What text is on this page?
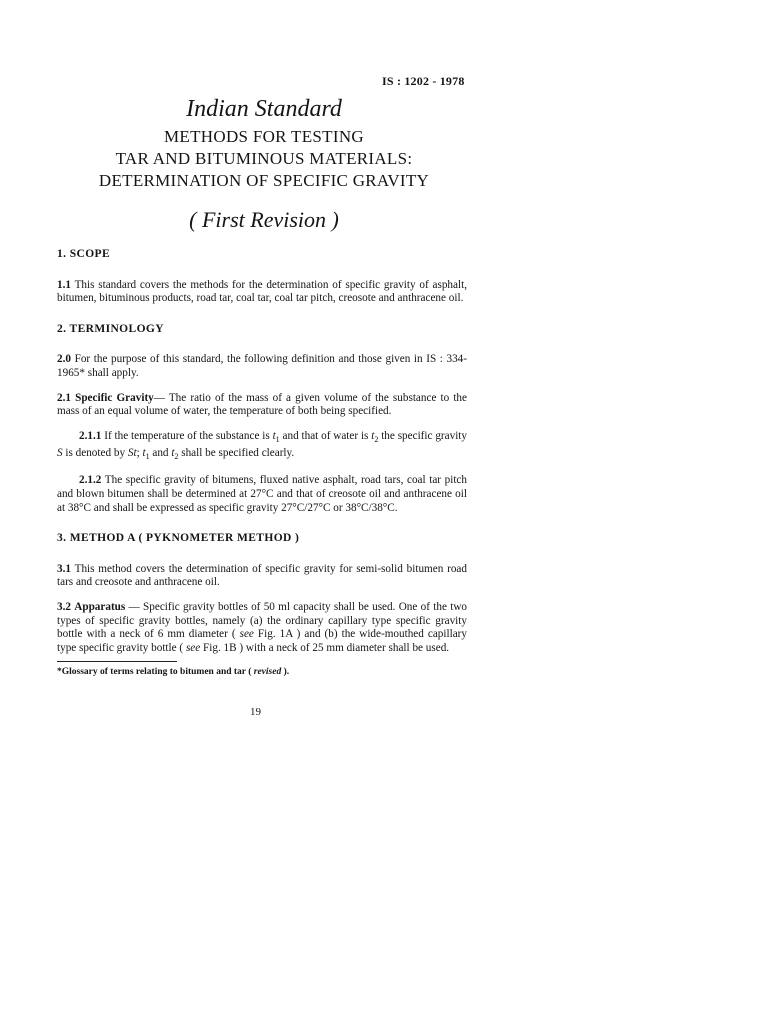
IS : 1202 - 1978
Indian Standard
METHODS FOR TESTING
TAR AND BITUMINOUS MATERIALS:
DETERMINATION OF SPECIFIC GRAVITY
( First Revision )

1. SCOPE

1.1 This standard covers the methods for the determination of specific gravity of asphalt, bitumen, bituminous products, road tar, coal tar, coal tar pitch, creosote and anthracene oil.

2. TERMINOLOGY

2.0 For the purpose of this standard, the following definition and those given in IS : 334-1965* shall apply.

2.1 Specific Gravity— The ratio of the mass of a given volume of the substance to the mass of an equal volume of water, the temperature of both being specified.

2.1.1 If the temperature of the substance is $t_1$ and that of water is $t_2$ the specific gravity S is denoted by St; $t_1$ and $t_2$ shall be specified clearly.

2.1.2 The specific gravity of bitumens, fluxed native asphalt, road tars, coal tar pitch and blown bitumen shall be determined at 27°C and that of creosote oil and anthracene oil at 38°C and shall be expressed as specific gravity 27°C/27°C or 38°C/38°C.

3. METHOD A ( PYKNOMETER METHOD )

3.1 This method covers the determination of specific gravity for semi-solid bitumen road tars and creosote and anthracene oil.

3.2 Apparatus — Specific gravity bottles of 50 ml capacity shall be used. One of the two types of specific gravity bottles, namely (a) the ordinary capillary type specific gravity bottle with a neck of 6 mm diameter ( see Fig. 1A ) and (b) the wide-mouthed capillary type specific gravity bottle ( see Fig. 1B ) with a neck of 25 mm diameter shall be used.

*Glossary of terms relating to bitumen and tar ( revised ).

19
